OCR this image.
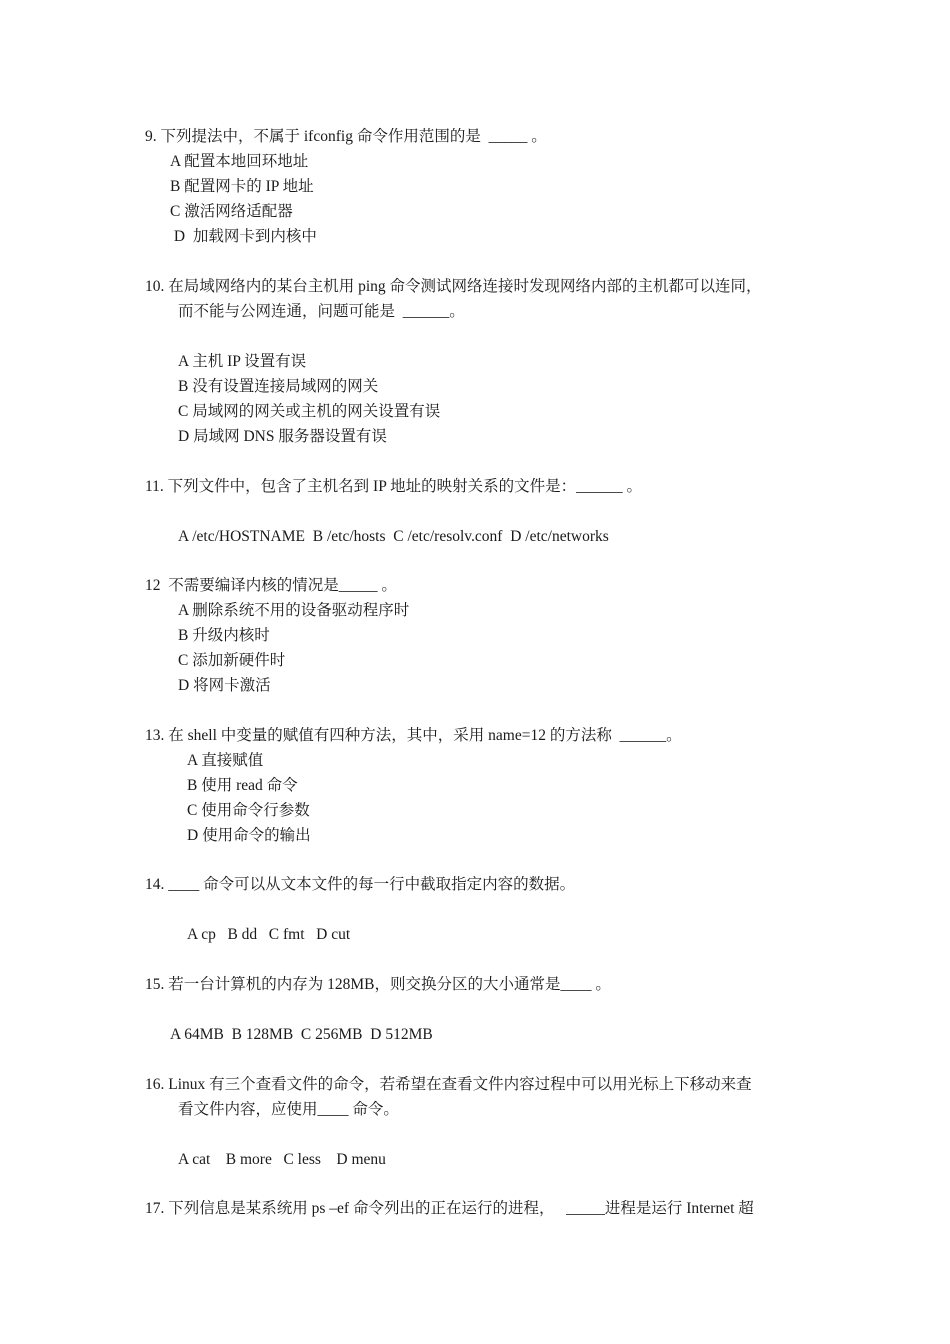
9. 下列提法中，不属于 ifconfig 命令作用范围的是  _____ 。
A 配置本地回环地址
B 配置网卡的 IP 地址
C 激活网络适配器
D  加载网卡到内核中
10. 在局域网络内的某台主机用 ping 命令测试网络连接时发现网络内部的主机都可以连同，
而不能与公网连通，问题可能是  ______。
A 主机 IP 设置有误
B 没有设置连接局域网的网关
C 局域网的网关或主机的网关设置有误
D 局域网 DNS 服务器设置有误
11. 下列文件中，包含了主机名到 IP 地址的映射关系的文件是：______ 。
A /etc/HOSTNAME  B /etc/hosts  C /etc/resolv.conf  D /etc/networks
12  不需要编译内核的情况是_____ 。
A 删除系统不用的设备驱动程序时
B 升级内核时
C 添加新硬件时
D 将网卡激活
13. 在 shell 中变量的赋值有四种方法，其中，采用 name=12 的方法称  ______。
A 直接赋值
B 使用 read 命令
C 使用命令行参数
D 使用命令的输出
14. ____ 命令可以从文本文件的每一行中截取指定内容的数据。
A cp   B dd   C fmt   D cut
15. 若一台计算机的内存为 128MB，则交换分区的大小通常是____ 。
A 64MB  B 128MB  C 256MB  D 512MB
16. Linux 有三个查看文件的命令，若希望在查看文件内容过程中可以用光标上下移动来查
看文件内容，应使用____ 命令。
A cat    B more   C less    D menu
17. 下列信息是某系统用 ps –ef 命令列出的正在运行的进程，   _____进程是运行 Internet 超
